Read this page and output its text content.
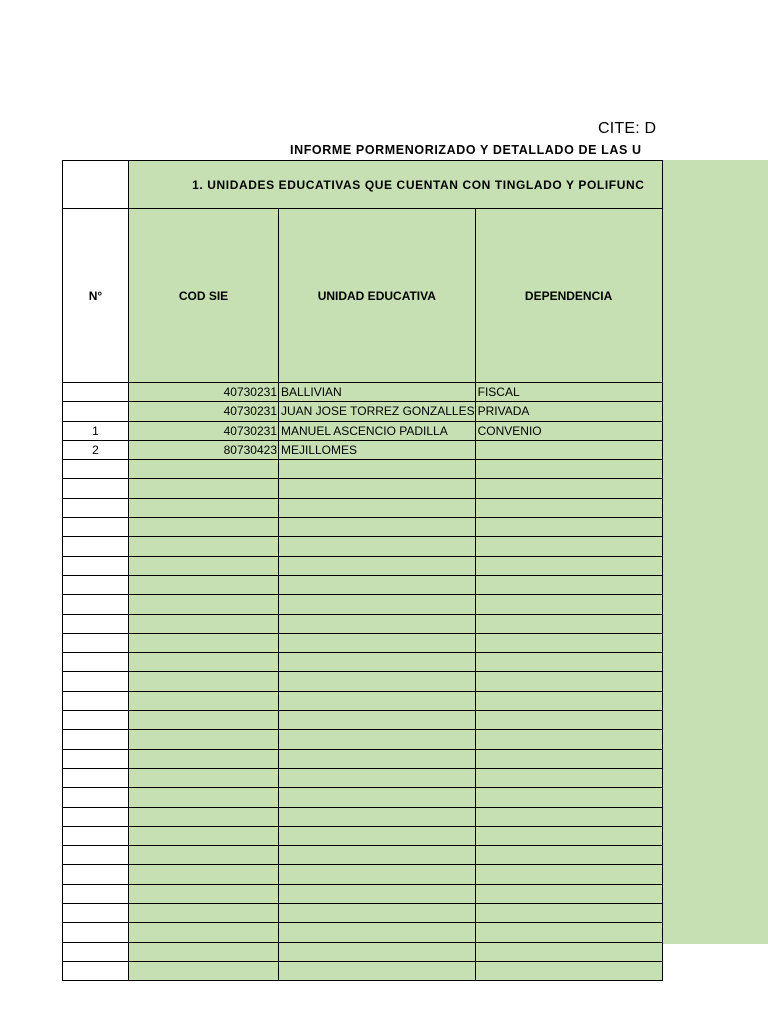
CITE: D
INFORME PORMENORIZADO Y DETALLADO DE LAS U
	1. UNIDADES EDUCATIVAS QUE CUENTAN CON TINGLADO Y POLIFUNC		
N°	COD SIE	UNIDAD EDUCATIVA	DEPENDENCIA
	40730231	BALLIVIAN	FISCAL
	40730231	JUAN JOSE TORREZ GONZALLES	PRIVADA
1	40730231	MANUEL ASCENCIO PADILLA	CONVENIO
2	80730423	MEJILLOMES	
